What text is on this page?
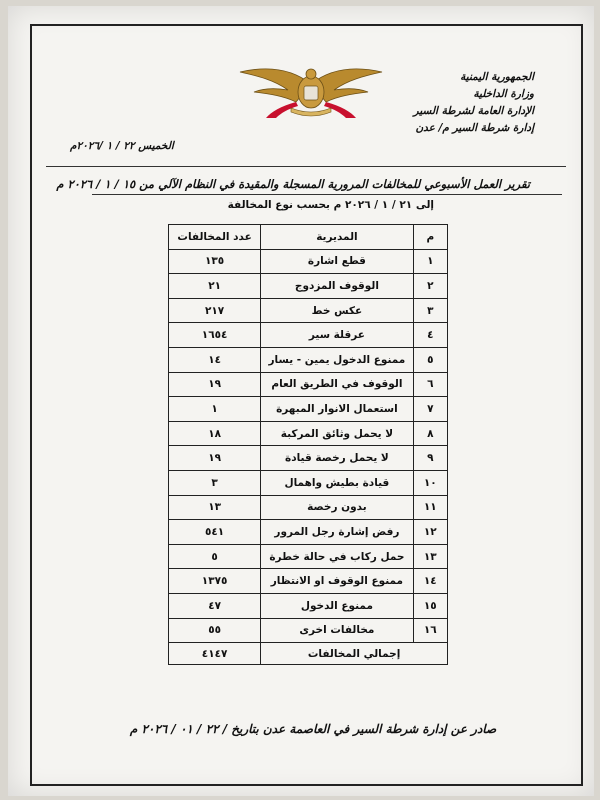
الجمهورية اليمنية
وزارة الداخلية
الإدارة العامة لشرطة السير
إدارة شرطة السير م/ عدن
الخميس ٢٢ / ١ /٢٠٢٦م
تقرير العمل الأسبوعي للمخالفات المرورية المسجلة والمقيدة في النظام الآلي من ١٥ / ١ / ٢٠٢٦ م
إلى ٢١ / ١ / ٢٠٢٦ م بحسب نوع المخالفة
م	المديرية	عدد المخالفات
١	قطع اشارة	١٣٥
٢	الوقوف المزدوج	٢١
٣	عكس خط	٢١٧
٤	عرقلة سير	١٦٥٤
٥	ممنوع الدخول يمين - يسار	١٤
٦	الوقوف في الطريق العام	١٩
٧	استعمال الانوار المبهرة	١
٨	لا يحمل وثائق المركبة	١٨
٩	لا يحمل رخصة قيادة	١٩
١٠	قيادة بطيش واهمال	٣
١١	بدون رخصة	١٣
١٢	رفض إشارة رجل المرور	٥٤١
١٣	حمل ركاب في حالة خطرة	٥
١٤	ممنوع الوقوف او الانتظار	١٣٧٥
١٥	ممنوع الدخول	٤٧
١٦	مخالفات اخرى	٥٥
إجمالي المخالفات		٤١٤٧
صادر عن إدارة شرطة السير في العاصمة عدن بتاريخ / ٢٢ / ٠١ / ٢٠٢٦ م
